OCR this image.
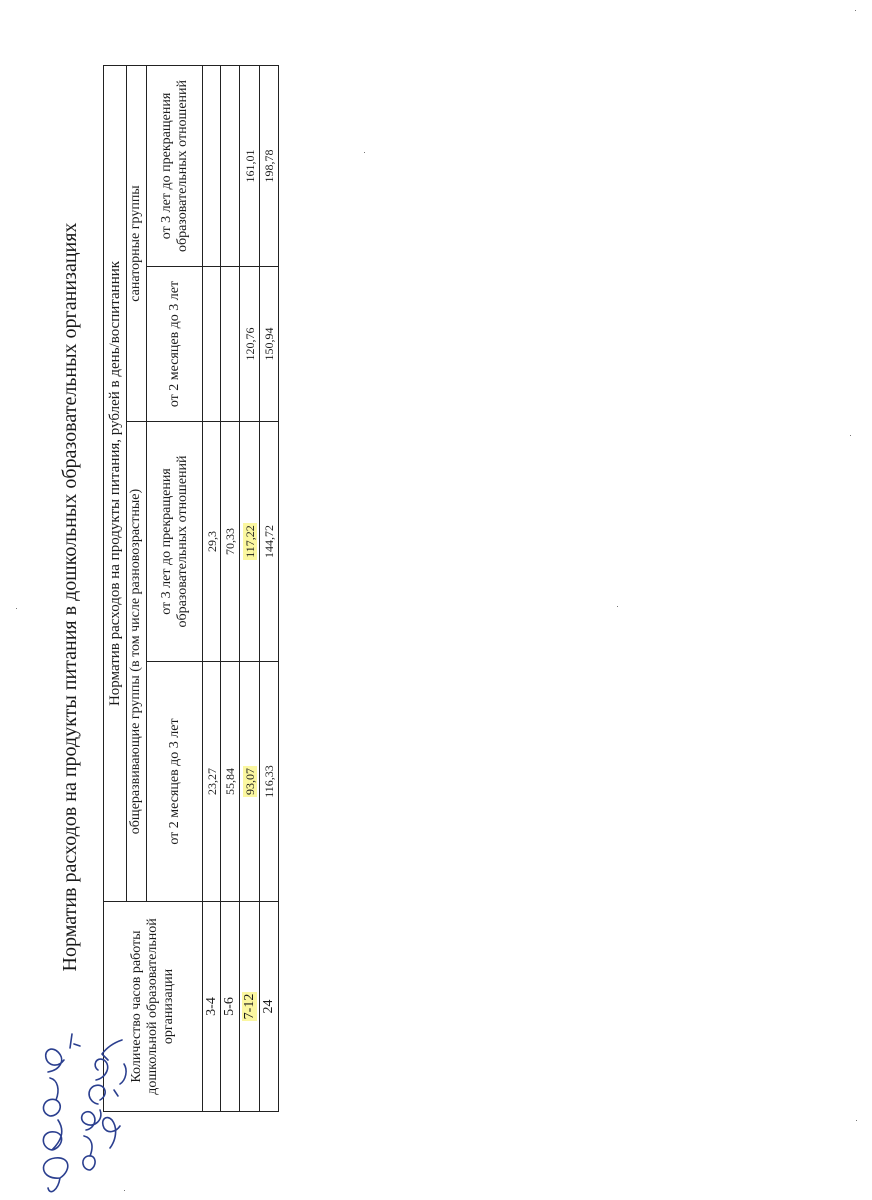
Норматив расходов на продукты питания в дошкольных образовательных организациях
Количество часов работы дошкольной образовательной организации	Норматив расходов на продукты питания, рублей в день/воспитанник			
	общеразвивающие группы (в том числе разновозрастные)		санаторные группы	
	от 2 месяцев до 3 лет	от 3 лет до прекращения образовательных отношений	от 2 месяцев до 3 лет	от 3 лет до прекращения образовательных отношений
3-4	23,27	29,3		
5-6	55,84	70,33		
7-12	93,07	117,22	120,76	161,01
24	116,33	144,72	150,94	198,78
